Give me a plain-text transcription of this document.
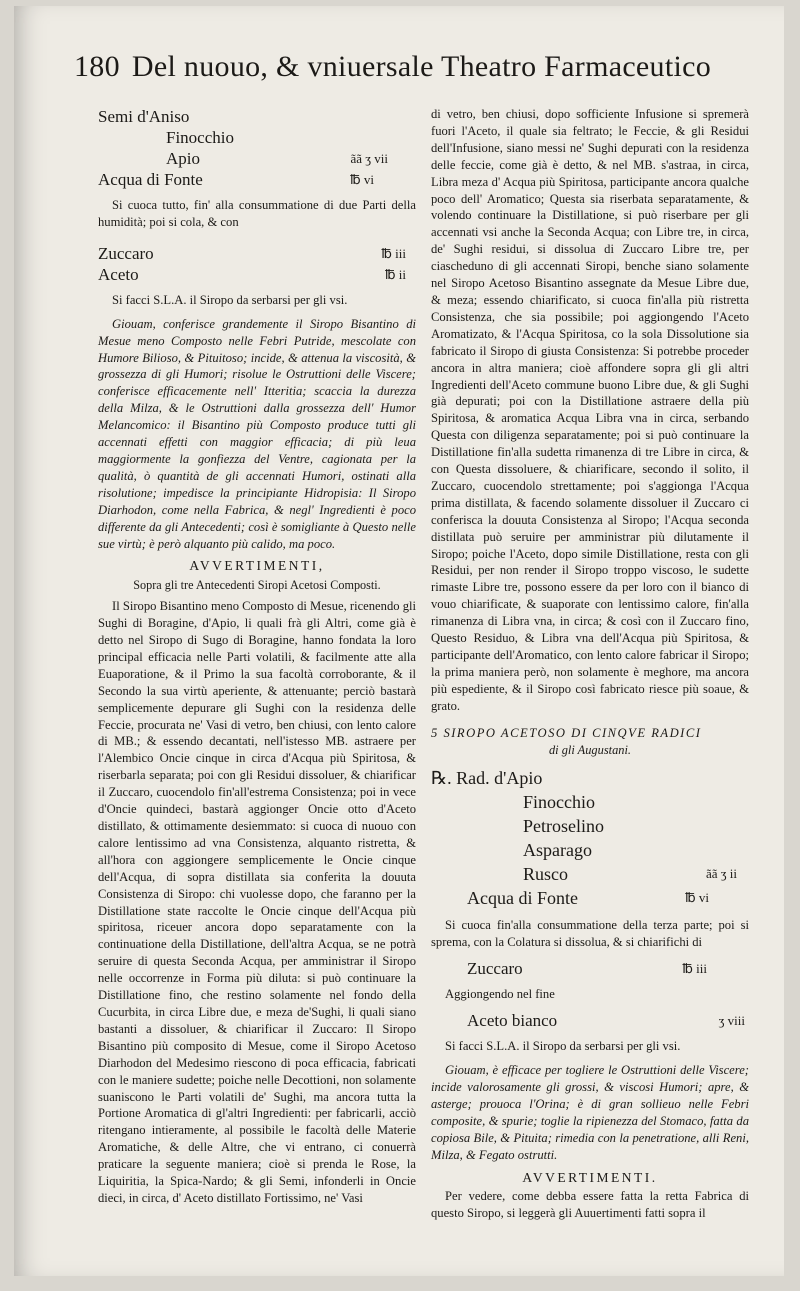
180 Del nuouo, & vniuersale Theatro Farmaceutico
Semi d'Aniso
Finocchio
Apio	ãã ʒ vii
Acqua di Fonte	℔ vi

Si cuoca tutto, fin' alla consummatione di due Parti della humidità; poi si cola, & con

Zuccaro	℔ iii
Aceto	℔ ii

Si facci S.L.A. il Siropo da serbarsi per gli vsi.

Giouam, conferisce grandemente il Siropo Bisantino di Mesue meno Composto nelle Febri Putride, mescolate con Humore Bilioso, & Pituitoso; incide, & attenua la viscosità, & grossezza di gli Humori; risolue le Ostruttioni delle Viscere; conferisce efficacemente nell' Itteritia; scaccia la durezza della Milza, & le Ostruttioni dalla grossezza dell' Humor Melancomico: il Bisantino più Composto produce tutti gli accennati effetti con maggior efficacia; di più leua maggiormente la gonfiezza del Ventre, cagionata per la qualità, ò quantità de gli accennati Humori, ostinati alla risolutione; impedisce la principiante Hidropisia: Il Siropo Diarhodon, come nella Fabrica, & negl' Ingredienti è poco differente da gli Antecedenti; così è somigliante à Questo nelle sue virtù; è però alquanto più calido, ma poco.

AVVERTIMENTI,
Sopra gli tre Antecedenti Siropi Acetosi Composti.

Il Siropo Bisantino meno Composto di Mesue, ricenendo gli Sughi di Boragine, d'Apio, li quali frà gli Altri, come già è detto nel Siropo di Sugo di Boragine, hanno fondata la loro principal efficacia nelle Parti volatili, & facilmente atte alla Euaporatione, & il Primo la sua facoltà corroborante, & il Secondo la sua virtù aperiente, & attenuante; perciò bastarà semplicemente depurare gli Sughi con la residenza delle Feccie, procurata ne' Vasi di vetro, ben chiusi, con lento calore di MB.; & essendo decantati, nell'istesso MB. astraere per l'Alembico Oncie cinque in circa d'Acqua più Spiritosa, & riserbarla separata; poi con gli Residui dissoluer, & chiarificar il Zuccaro, cuocendolo fin'all'estrema Consistenza; poi in vece d'Oncie quindeci, bastarà aggionger Oncie otto d'Aceto distillato, & ottimamente desiemmato: si cuoca di nuouo con calore lentissimo ad vna Consistenza, alquanto ristretta, & all'hora con aggiongere semplicemente le Oncie cinque dell'Acqua, di sopra distillata sia conferita la douuta Consistenza di Siropo: chi vuolesse dopo, che faranno per la Distillatione state raccolte le Oncie cinque dell'Acqua più spiritosa, riceuer ancora dopo separatamente con la continuatione della Distillatione, dell'altra Acqua, se ne potrà seruire di questa Seconda Acqua, per amministrar il Siropo nelle occorrenze in Forma più diluta: si può continuare la Distillatione fino, che restino solamente nel fondo della Cucurbita, in circa Libre due, e meza de'Sughi, li quali siano bastanti a dissoluer, & chiarificar il Zuccaro: Il Siropo Bisantino più composito di Mesue, come il Siropo Acetoso Diarhodon del Medesimo riescono di poca efficacia, fabricati con le maniere sudette; poiche nelle Decottioni, non solamente suaniscono le Parti volatili de' Sughi, ma ancora tutta la Portione Aromatica di gl'altri Ingredienti: per fabricarli, acciò ritengano intieramente, al possibile le facoltà delle Materie Aromatiche, & delle Altre, che vi entrano, ci conuerrà praticare la seguente maniera; cioè si prenda le Rose, la Liquiritia, la Spica-Nardo; & gli Semi, infonderli in Oncie dieci, in circa, d' Aceto distillato Fortissimo, ne' Vasi

di vetro, ben chiusi, dopo sofficiente Infusione si spremerà fuori l'Aceto, il quale sia feltrato; le Feccie, & gli Residui dell'Infusione, siano messi ne' Sughi depurati con la residenza delle feccie, come già è detto, & nel MB. s'astraa, in circa, Libra meza d' Acqua più Spiritosa, participante ancora qualche poco dell' Aromatico; Questa sia riserbata separatamente, & volendo continuare la Distillatione, si può riserbare per gli accennati vsi anche la Seconda Acqua; con Libre tre, in circa, de' Sughi residui, si dissolua di Zuccaro Libre tre, per ciascheduno di gli accennati Siropi, benche siano solamente nel Siropo Acetoso Bisantino assegnate da Mesue Libre due, & meza; essendo chiarificato, si cuoca fin'alla più ristretta Consistenza, che sia possibile; poi aggiongendo l'Aceto Aromatizato, & l'Acqua Spiritosa, co la sola Dissolutione sia fabricato il Siropo di giusta Consistenza: Si potrebbe proceder ancora in altra maniera; cioè affondere sopra gli gli altri Ingredienti dell'Aceto commune buono Libre due, & gli Sughi già depurati; poi con la Distillatione astraere della più Spiritosa, & aromatica Acqua Libra vna in circa, serbando Questa con diligenza separatamente; poi si può continuare la Distillatione fin'alla sudetta rimanenza di tre Libre in circa, & con Questa dissoluere, & chiarificare, secondo il solito, il Zuccaro, cuocendolo strettamente; poi s'aggionga l'Acqua prima distillata, & facendo solamente dissoluer il Zuccaro ci conferisca la douuta Consistenza al Siropo; l'Acqua seconda distillata può seruire per amministrar più dilutamente il Siropo; poiche l'Aceto, dopo simile Distillatione, resta con gli Residui, per non render il Siropo troppo viscoso, le sudette rimaste Libre tre, possono essere da per loro con il bianco di vouo chiarificate, & suaporate con lentissimo calore, fin'alla rimanenza di Libra vna, in circa; & così con il Zuccaro fino, Questo Residuo, & Libra vna dell'Acqua più Spiritosa, & participante dell'Aromatico, con lento calore fabricar il Siropo; la prima maniera però, non solamente è meghore, ma ancora più espediente, & il Siropo così fabricato riesce più soaue, & grato.

5 SIROPO ACETOSO DI CINQVE RADICI
di gli Augustani.
℞. Rad. d'Apio
Finocchio
Petroselino
Asparago
Rusco	ãã ʒ ii
Acqua di Fonte	℔ vi

Si cuoca fin'alla consummatione della terza parte; poi si sprema, con la Colatura si dissolua, & si chiarifichi di

Zuccaro	℔ iii

Aggiongendo nel fine

Aceto bianco	ʒ viii

Si facci S.L.A. il Siropo da serbarsi per gli vsi.

Giouam, è efficace per togliere le Ostruttioni delle Viscere; incide valorosamente gli grossi, & viscosi Humori; apre, & asterge; prouoca l'Orina; è di gran sollieuo nelle Febri composite, & spurie; toglie la ripienezza del Stomaco, fatta da copiosa Bile, & Pituita; rimedia con la penetratione, alli Reni, Milza, & Fegato ostrutti.

AVVERTIMENTI.

Per vedere, come debba essere fatta la retta Fabrica di questo Siropo, si leggerà gli Auuertimenti fatti sopra il
